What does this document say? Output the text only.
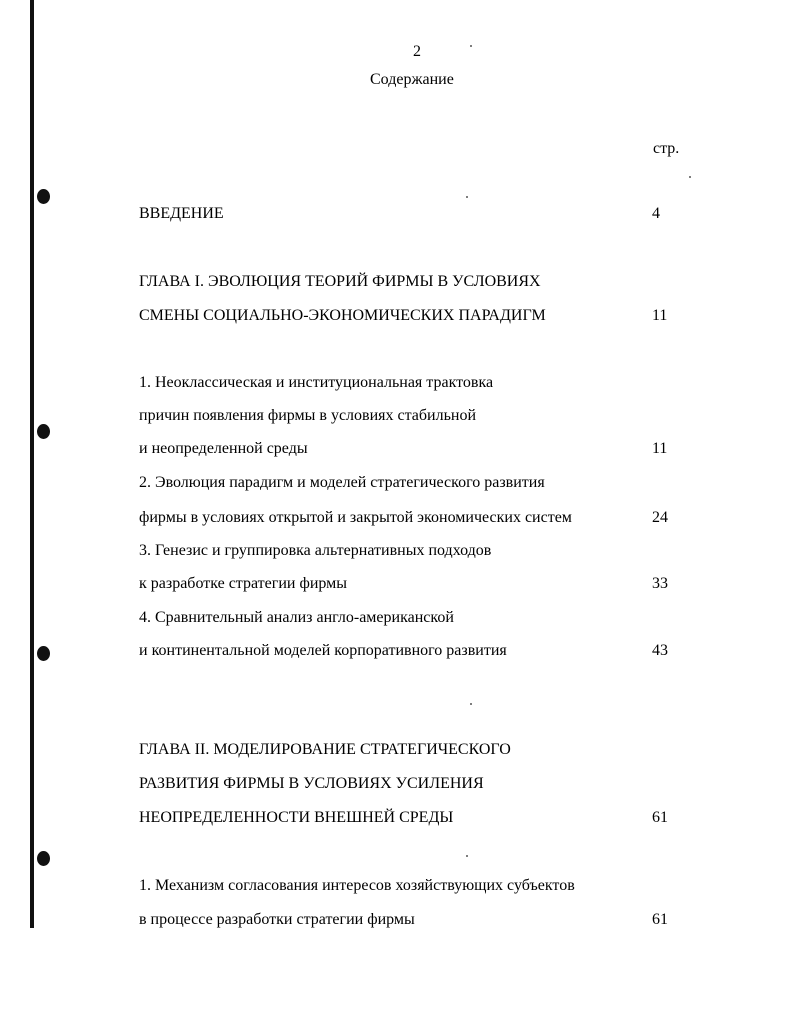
2
Содержание
стр.
ВВЕДЕНИЕ	4
ГЛАВА I. ЭВОЛЮЦИЯ ТЕОРИЙ ФИРМЫ В УСЛОВИЯХ
СМЕНЫ СОЦИАЛЬНО-ЭКОНОМИЧЕСКИХ ПАРАДИГМ	11
1. Неоклассическая и институциональная трактовка
причин появления фирмы в условиях стабильной
и неопределенной среды	11
2. Эволюция парадигм и моделей стратегического развития
фирмы в условиях открытой и закрытой экономических систем	24
3. Генезис и группировка альтернативных подходов
к разработке стратегии фирмы	33
4. Сравнительный анализ англо-американской
и континентальной моделей корпоративного развития	43
ГЛАВА II. МОДЕЛИРОВАНИЕ СТРАТЕГИЧЕСКОГО
РАЗВИТИЯ ФИРМЫ В УСЛОВИЯХ УСИЛЕНИЯ
НЕОПРЕДЕЛЕННОСТИ ВНЕШНЕЙ СРЕДЫ	61
1. Механизм согласования интересов хозяйствующих субъектов
в процессе разработки стратегии фирмы	61
